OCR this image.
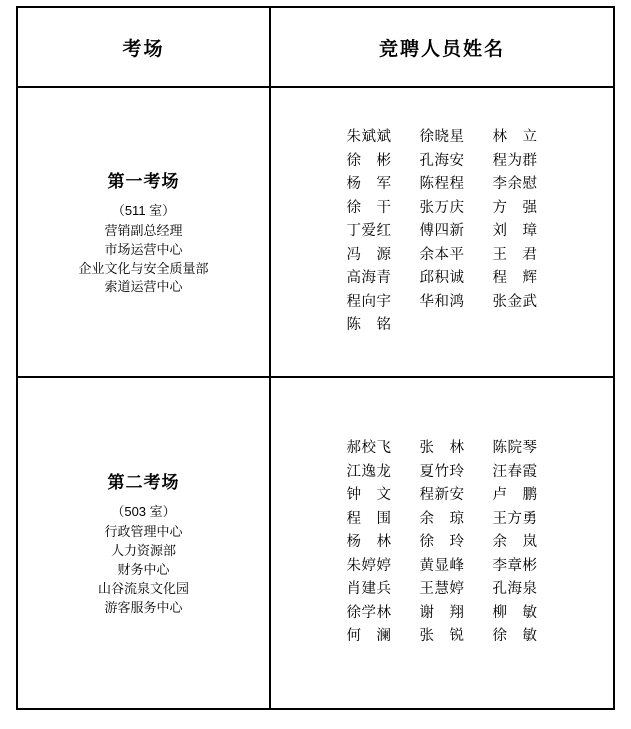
考场	竞聘人员姓名

第一考场
（511 室）
营销副总经理
市场运营中心
企业文化与安全质量部
索道运营中心

朱斌斌	徐晓星	林　立
徐　彬	孔海安	程为群
杨　军	陈程程	李余慰
徐　干	张万庆	方　强
丁爱红	傅四新	刘　璋
冯　源	余本平	王　君
高海青	邱积诚	程　辉
程向宇	华和鸿	张金武
陈　铭		

第二考场
（503 室）
行政管理中心
人力资源部
财务中心
山谷流泉文化园
游客服务中心

郝校飞	张　林	陈院琴
江逸龙	夏竹玲	汪春霞
钟　文	程新安	卢　鹏
程　围	余　琼	王方勇
杨　林	徐　玲	余　岚
朱婷婷	黄显峰	李章彬
肖建兵	王慧婷	孔海泉
徐学林	谢　翔	柳　敏
何　澜	张　锐	徐　敏
